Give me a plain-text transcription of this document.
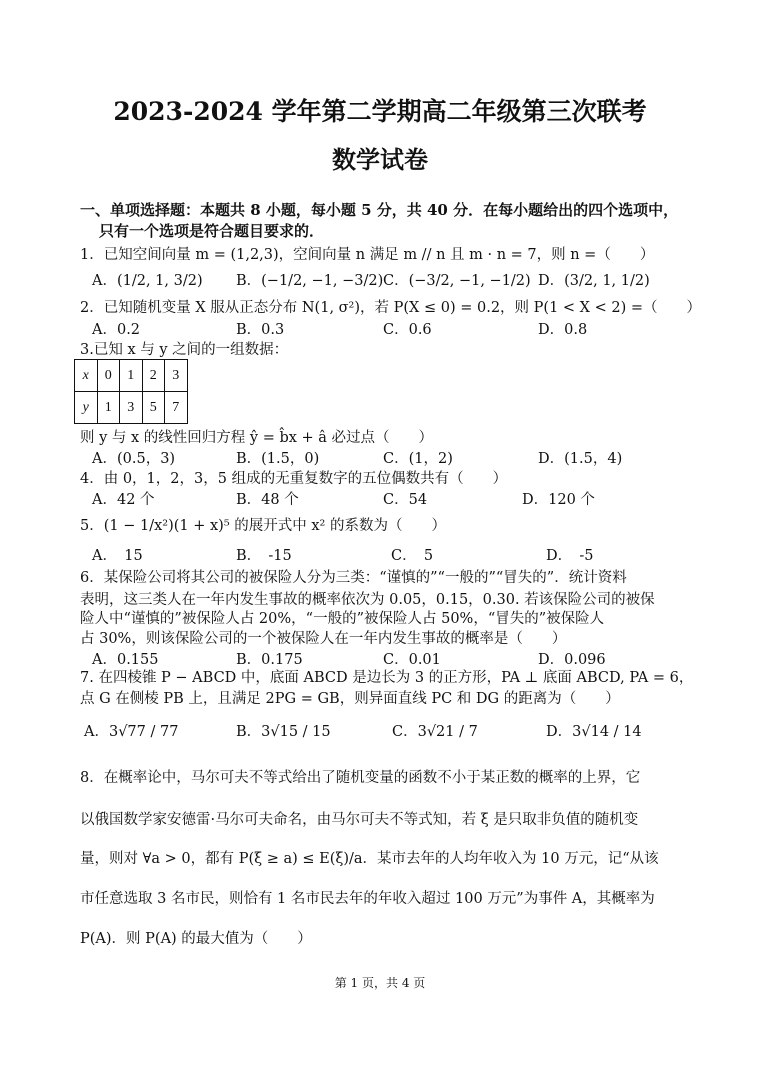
2023-2024 学年第二学期高二年级第三次联考
数学试卷
一、单项选择题：本题共 8 小题，每小题 5 分，共 40 分．在每小题给出的四个选项中，
只有一个选项是符合题目要求的．
1．已知空间向量 m = (1,2,3)，空间向量 n 满足 m // n 且 m · n = 7，则 n =（　　）
A．(1/2, 1, 3/2) B．(−1/2, −1, −3/2) C．(−3/2, −1, −1/2) D．(3/2, 1, 1/2)
2．已知随机变量 X 服从正态分布 N(1, σ²)，若 P(X ≤ 0) = 0.2，则 P(1 < X < 2) =（　　）
A．0.2	B．0.3	C．0.6	D．0.8
3.已知 x 与 y 之间的一组数据：
x	0	1	2	3
y	1	3	5	7
则 y 与 x 的线性回归方程 ŷ = b̂x + â 必过点（　　）
A．(0.5，3)	B．(1.5，0)	C．(1，2)	D．(1.5，4)
4．由 0，1，2，3，5 组成的无重复数字的五位偶数共有（　　）
A．42 个	B．48 个	C．54	D．120 个
5．(1 − 1/x²)(1 + x)⁵ 的展开式中 x² 的系数为（　　）
A．　15	B．　-15	C．　5	D．　-5
6．某保险公司将其公司的被保险人分为三类：“谨慎的”“一般的”“冒失的”．统计资料
表明，这三类人在一年内发生事故的概率依次为 0.05，0.15，0.30. 若该保险公司的被保
险人中“谨慎的”被保险人占 20%，“一般的”被保险人占 50%，“冒失的”被保险人
占 30%，则该保险公司的一个被保险人在一年内发生事故的概率是（　　）
A．0.155	B．0.175	C．0.01	D．0.096
7. 在四棱锥 P − ABCD 中，底面 ABCD 是边长为 3 的正方形，PA ⊥ 底面 ABCD, PA = 6，
点 G 在侧棱 PB 上，且满足 2PG = GB，则异面直线 PC 和 DG 的距离为（　　）
A．3√77 / 77	B．3√15 / 15	C．3√21 / 7	D．3√14 / 14
8．在概率论中，马尔可夫不等式给出了随机变量的函数不小于某正数的概率的上界，它
以俄国数学家安德雷·马尔可夫命名，由马尔可夫不等式知，若 ξ 是只取非负值的随机变
量，则对 ∀a > 0，都有 P(ξ ≥ a) ≤ E(ξ)/a．某市去年的人均年收入为 10 万元，记“从该
市任意选取 3 名市民，则恰有 1 名市民去年的年收入超过 100 万元”为事件 A，其概率为
P(A)．则 P(A) 的最大值为（　　）
第 1 页，共 4 页
